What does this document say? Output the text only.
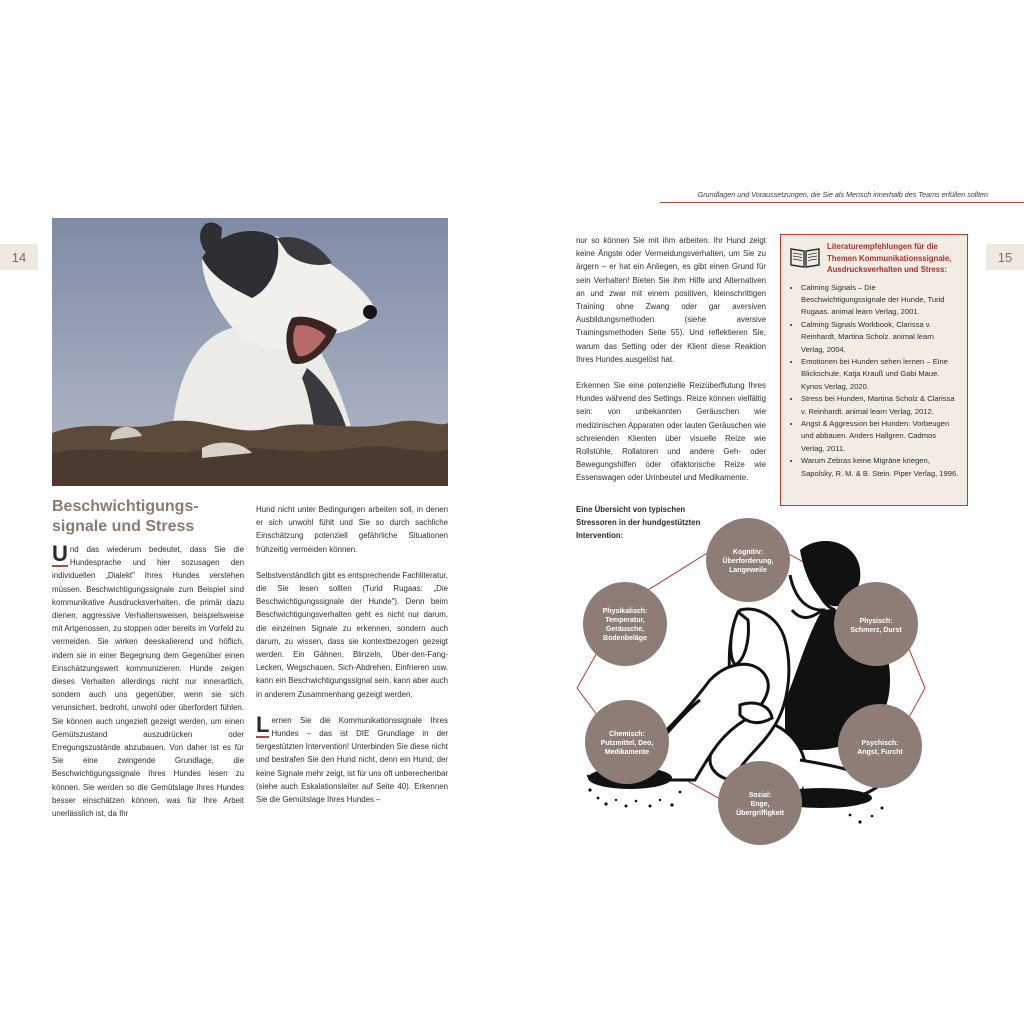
14	15
Grundlagen und Voraussetzungen, die Sie als Mensch innerhalb des Teams erfüllen sollten
Beschwichtigungs-
signale und Stress
U nd das wiederum bedeutet, dass Sie die Hundesprache und hier sozusagen den individuellen „Dialekt" Ihres Hundes verstehen müssen. Beschwichtigungssignale zum Beispiel sind kommunikative Ausdrucksverhalten, die primär dazu dienen, aggressive Verhaltensweisen, beispielsweise mit Artgenossen, zu stoppen oder bereits im Vorfeld zu vermeiden. Sie wirken deeskalierend und höflich, indem sie in einer Begegnung dem Gegenüber einen Einschätzungswert kommunizieren. Hunde zeigen dieses Verhalten allerdings nicht nur innerartlich, sondern auch uns gegenüber, wenn sie sich verunsichert, bedroht, unwohl oder überfordert fühlen. Sie können auch ungezielt gezeigt werden, um einen Gemütszustand auszudrücken oder Erregungszustände abzubauen. Von daher ist es für Sie eine zwingende Grundlage, die Beschwichtigungssignale Ihres Hundes lesen zu können. Sie werden so die Gemütslage Ihres Hundes besser einschätzen können, was für Ihre Arbeit unerlässlich ist, da Ihr

Hund nicht unter Bedingungen arbeiten soll, in denen er sich unwohl fühlt und Sie so durch sachliche Einschätzung potenziell gefährliche Situationen frühzeitig vermeiden können.

Selbstverständlich gibt es entsprechende Fachliteratur, die Sie lesen sollten (Turid Rugaas: „Die Beschwichtigungssignale der Hunde"). Denn beim Beschwichtigungsverhalten geht es nicht nur darum, die einzelnen Signale zu erkennen, sondern auch darum, zu wissen, dass sie kontextbezogen gezeigt werden. Ein Gähnen, Blinzeln, Über-den-Fang-Lecken, Wegschauen, Sich-Abdrehen, Einfrieren usw. kann ein Beschwichtigungssignal sein, kann aber auch in anderem Zusammenhang gezeigt werden.

L ernen Sie die Kommunikationssignale Ihres Hundes – das ist DIE Grundlage in der tiergestützten Intervention! Unterbinden Sie diese nicht und bestrafen Sie den Hund nicht, denn ein Hund, der keine Signale mehr zeigt, ist für uns oft unberechenbar (siehe auch Eskalationsleiter auf Seite 40). Erkennen Sie die Gemütslage Ihres Hundes –

nur so können Sie mit ihm arbeiten. Ihr Hund zeigt keine Ängste oder Vermeidungsverhalten, um Sie zu ärgern – er hat ein Anliegen, es gibt einen Grund für sein Verhalten! Bieten Sie ihm Hilfe und Alternativen an und zwar mit einem positiven, kleinschrittigen Training ohne Zwang oder gar aversiven Ausbildungsmethoden (siehe aversive Trainingsmethoden Seite 55). Und reflektieren Sie, warum das Setting oder der Klient diese Reaktion Ihres Hundes ausgelöst hat.

Erkennen Sie eine potenzielle Reizüberflutung Ihres Hundes während des Settings. Reize können vielfältig sein: von unbekannten Geräuschen wie medizinischen Apparaten oder lauten Geräuschen wie schreienden Klienten über visuelle Reize wie Rollstühle, Rollatoren und andere Geh- oder Bewegungshilfen oder olfaktorische Reize wie Essenswagen oder Urinbeutel und Medikamente.

Literaturempfehlungen für die Themen Kommunikationssignale, Ausdrucksverhalten und Stress:
• Calming Signals – Die Beschwichtigungssignale der Hunde, Turid Rugaas. animal learn Verlag, 2001.
• Calming Signals Workbook, Clarissa v. Reinhardt, Martina Scholz. animal learn Verlag, 2004.
• Emotionen bei Hunden sehen lernen – Eine Blickschule, Katja Krauß und Gabi Maue. Kynos Verlag, 2020.
• Stress bei Hunden, Martina Scholz & Clarissa v. Reinhardt. animal learn Verlag, 2012.
• Angst & Aggression bei Hunden: Vorbeugen und abbauen. Anders Hallgren. Cadmos Verlag, 2011.
• Warum Zebras keine Migräne kriegen, Sapolsky, R. M. & B. Stein. Piper Verlag, 1996.
Eine Übersicht von typischen Stressoren in der hundgestützten Intervention:
Kognitiv:
Überforderung,
Langeweile
Physisch:
Schmerz, Durst
Psychisch:
Angst, Furcht
Sozial:
Enge,
Übergriffigkeit
Chemisch:
Putzmittel, Deo,
Medikamente
Physikalisch:
Temperatur,
Geräusche,
Bodenbeläge
